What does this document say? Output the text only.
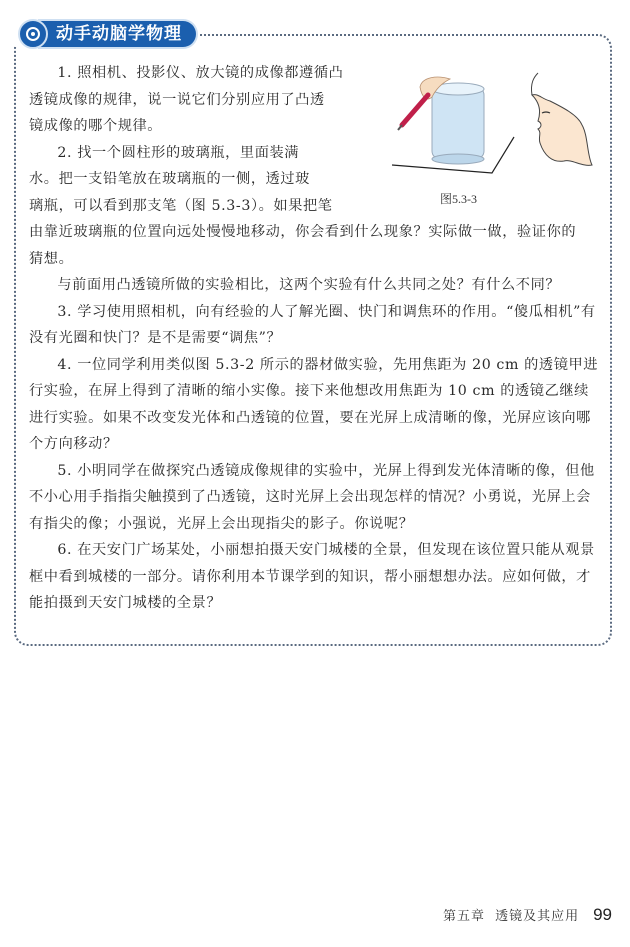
动手动脑学物理
图5.3-3

1. 照相机、投影仪、放大镜的成像都遵循凸

透镜成像的规律，说一说它们分别应用了凸透
镜成像的哪个规律。

2. 找一个圆柱形的玻璃瓶，里面装满

水。把一支铅笔放在玻璃瓶的一侧，透过玻
璃瓶，可以看到那支笔（图 5.3-3）。如果把笔
由靠近玻璃瓶的位置向远处慢慢地移动，你会看到什么现象？实际做一做，验证你的
猜想。

与前面用凸透镜所做的实验相比，这两个实验有什么共同之处？有什么不同？

3. 学习使用照相机，向有经验的人了解光圈、快门和调焦环的作用。“傻瓜相机”有没有光圈和快门？是不是需要“调焦”？

4. 一位同学利用类似图 5.3-2 所示的器材做实验，先用焦距为 20 cm 的透镜甲进行实验，在屏上得到了清晰的缩小实像。接下来他想改用焦距为 10 cm 的透镜乙继续进行实验。如果不改变发光体和凸透镜的位置，要在光屏上成清晰的像，光屏应该向哪个方向移动？

5. 小明同学在做探究凸透镜成像规律的实验中，光屏上得到发光体清晰的像，但他不小心用手指指尖触摸到了凸透镜，这时光屏上会出现怎样的情况？小勇说，光屏上会有指尖的像；小强说，光屏上会出现指尖的影子。你说呢？

6. 在天安门广场某处，小丽想拍摄天安门城楼的全景，但发现在该位置只能从观景框中看到城楼的一部分。请你利用本节课学到的知识，帮小丽想想办法。应如何做，才能拍摄到天安门城楼的全景？

第五章 透镜及其应用 99
